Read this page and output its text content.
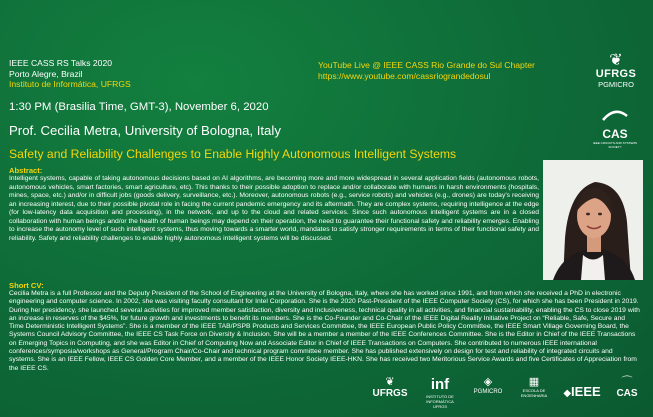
IEEE CASS RS Talks 2020
Porto Alegre, Brazil
Instituto de Informática, UFRGS
YouTube Live @ IEEE CASS Rio Grande do Sul Chapter
https://www.youtube.com/cassriograndedosul
1:30 PM (Brasilia Time, GMT-3), November 6, 2020
Prof. Cecilia Metra, University of Bologna, Italy
Safety and Reliability Challenges to Enable Highly Autonomous Intelligent Systems
Abstract:
Intelligent systems, capable of taking autonomous decisions based on AI algorithms, are becoming more and more widespread in several application fields (autonomous robots, autonomous vehicles, smart factories, smart agriculture, etc). This thanks to their possible adoption to replace and/or collaborate with humans in harsh environments (hospitals, mines, space, etc.) and/or in difficult jobs (goods delivery, surveillance, etc.). Moreover, autonomous robots (e.g., service robots) and vehicles (e.g., drones) are today's receiving an increasing interest, due to their possible pivotal role in facing the current pandemic emergency and its aftermath. They are complex systems, requiring intelligence at the edge (for low-latency data acquisition and processing), in the network, and up to the cloud and related services. Since such autonomous intelligent systems are in a closed collaboration with human beings and/or the health of human beings may depend on their operation, the need to guarantee their functional safety and reliability emerges. Enabling to increase the autonomy level of such intelligent systems, thus moving towards a smarter world, mandates to satisfy stronger requirements in terms of their functional safety and reliability. Safety and reliability challenges to enable highly autonomous intelligent systems will be discussed.
Short CV:
Cecilia Metra is a full Professor and the Deputy President of the School of Engineering at the University of Bologna, Italy, where she has worked since 1991, and from which she received a PhD in electronic engineering and computer science. In 2002, she was visiting faculty consultant for Intel Corporation. She is the 2020 Past-President of the IEEE Computer Society (CS), for which she has been President in 2019. During her presidency, she launched several activities for improved member satisfaction, diversity and inclusiveness, technical quality in all activities, and financial sustainability, enabling the CS to close 2019 with an increase in reserves of the $45%, for future growth and investments to benefit its members. She is the Co-Founder and Co-Chair of the IEEE Digital Reality Initiative Project on “Reliable, Safe, Secure and Time Deterministic Intelligent Systems”. She is a member of the IEEE TAB/PSPB Products and Services Committee, the IEEE European Public Policy Committee, the IEEE Smart Village Governing Board, the Systems Council Advisory Committee, the IEEE CS Task Force on Diversity & Inclusion. She will be a member a member of the IEEE Conferences Committee. She is the Editor in Chief of the IEEE Transactions on Emerging Topics in Computing, and she was Editor in Chief of Computing Now and Associate Editor in Chief of IEEE Transactions on Computers. She contributed to numerous IEEE international conferences/symposia/workshops as General/Program Chair/Co-Chair and technical program committee member. She has published extensively on design for test and reliability of integrated circuits and systems. She is an IEEE Fellow, IEEE CS Golden Core Member, and a member of the IEEE Honor Society IEEE-HKN. She has received two Meritorious Service Awards and five Certificates of Appreciation from the IEEE CS.
❦
UFRGS
PGMICRO
CAS
IEEE CIRCUITS AND SYSTEMS SOCIETY
❦
UFRGS
inf
INSTITUTO DE INFORMÁTICA UFRGS
◈
PGMICRO
▦
ESCOLA DE ENGENHARIA	◆IEEE
⌒
CAS
